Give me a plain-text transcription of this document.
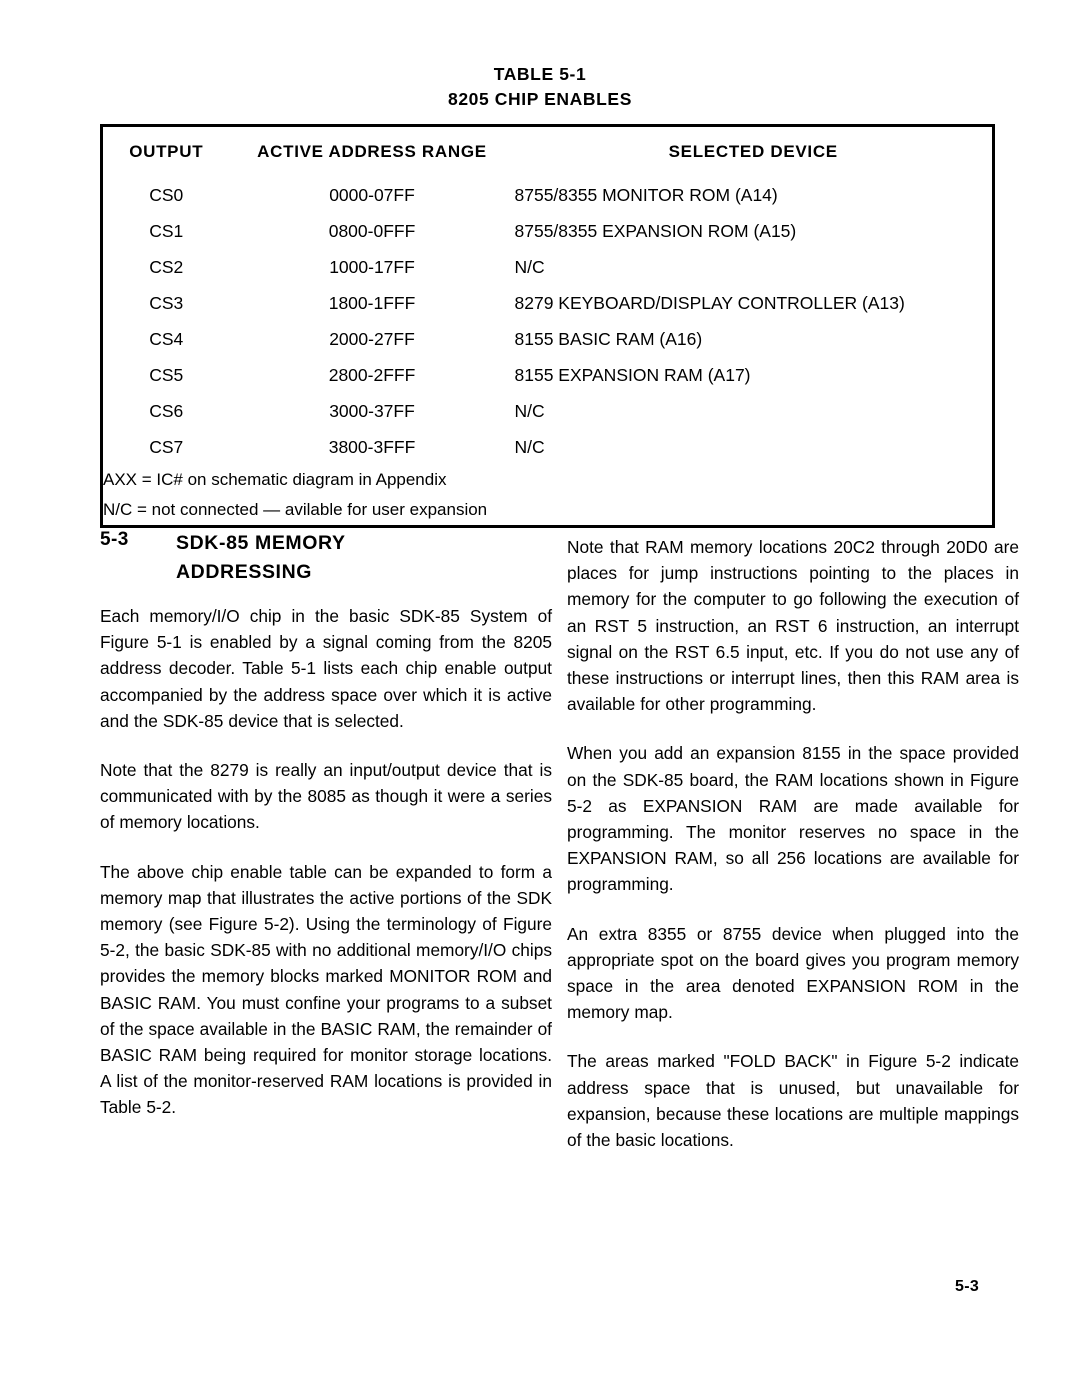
TABLE 5-1
8205 CHIP ENABLES
OUTPUT	ACTIVE ADDRESS RANGE	SELECTED DEVICE
CS0	0000-07FF	8755/8355 MONITOR ROM (A14)
CS1	0800-0FFF	8755/8355 EXPANSION ROM (A15)
CS2	1000-17FF	N/C
CS3	1800-1FFF	8279 KEYBOARD/DISPLAY CONTROLLER (A13)
CS4	2000-27FF	8155 BASIC RAM (A16)
CS5	2800-2FFF	8155 EXPANSION RAM (A17)
CS6	3000-37FF	N/C
CS7	3800-3FFF	N/C

AXX = IC# on schematic diagram in Appendix
N/C = not connected — avilable for user expansion		
5-3 SDK-85 MEMORY
ADDRESSING

Each memory/I/O chip in the basic SDK-85 System of Figure 5-1 is enabled by a signal coming from the 8205 address decoder. Table 5-1 lists each chip enable output accompanied by the address space over which it is active and the SDK-85 device that is selected.

Note that the 8279 is really an input/output device that is communicated with by the 8085 as though it were a series of memory locations.

The above chip enable table can be expanded to form a memory map that illustrates the active portions of the SDK memory (see Figure 5-2). Using the terminology of Figure 5-2, the basic SDK-85 with no additional memory/I/O chips provides the memory blocks marked MONITOR ROM and BASIC RAM. You must confine your programs to a subset of the space available in the BASIC RAM, the remainder of BASIC RAM being required for monitor storage locations. A list of the monitor-reserved RAM locations is provided in Table 5-2.

Note that RAM memory locations 20C2 through 20D0 are places for jump instructions pointing to the places in memory for the computer to go following the execution of an RST 5 instruction, an RST 6 instruction, an interrupt signal on the RST 6.5 input, etc. If you do not use any of these instructions or interrupt lines, then this RAM area is available for other programming.

When you add an expansion 8155 in the space provided on the SDK-85 board, the RAM locations shown in Figure 5-2 as EXPANSION RAM are made available for programming. The monitor reserves no space in the EXPANSION RAM, so all 256 locations are available for programming.

An extra 8355 or 8755 device when plugged into the appropriate spot on the board gives you program memory space in the area denoted EXPANSION ROM in the memory map.

The areas marked "FOLD BACK" in Figure 5-2 indicate address space that is unused, but unavailable for expansion, because these locations are multiple mappings of the basic locations.

5-3
